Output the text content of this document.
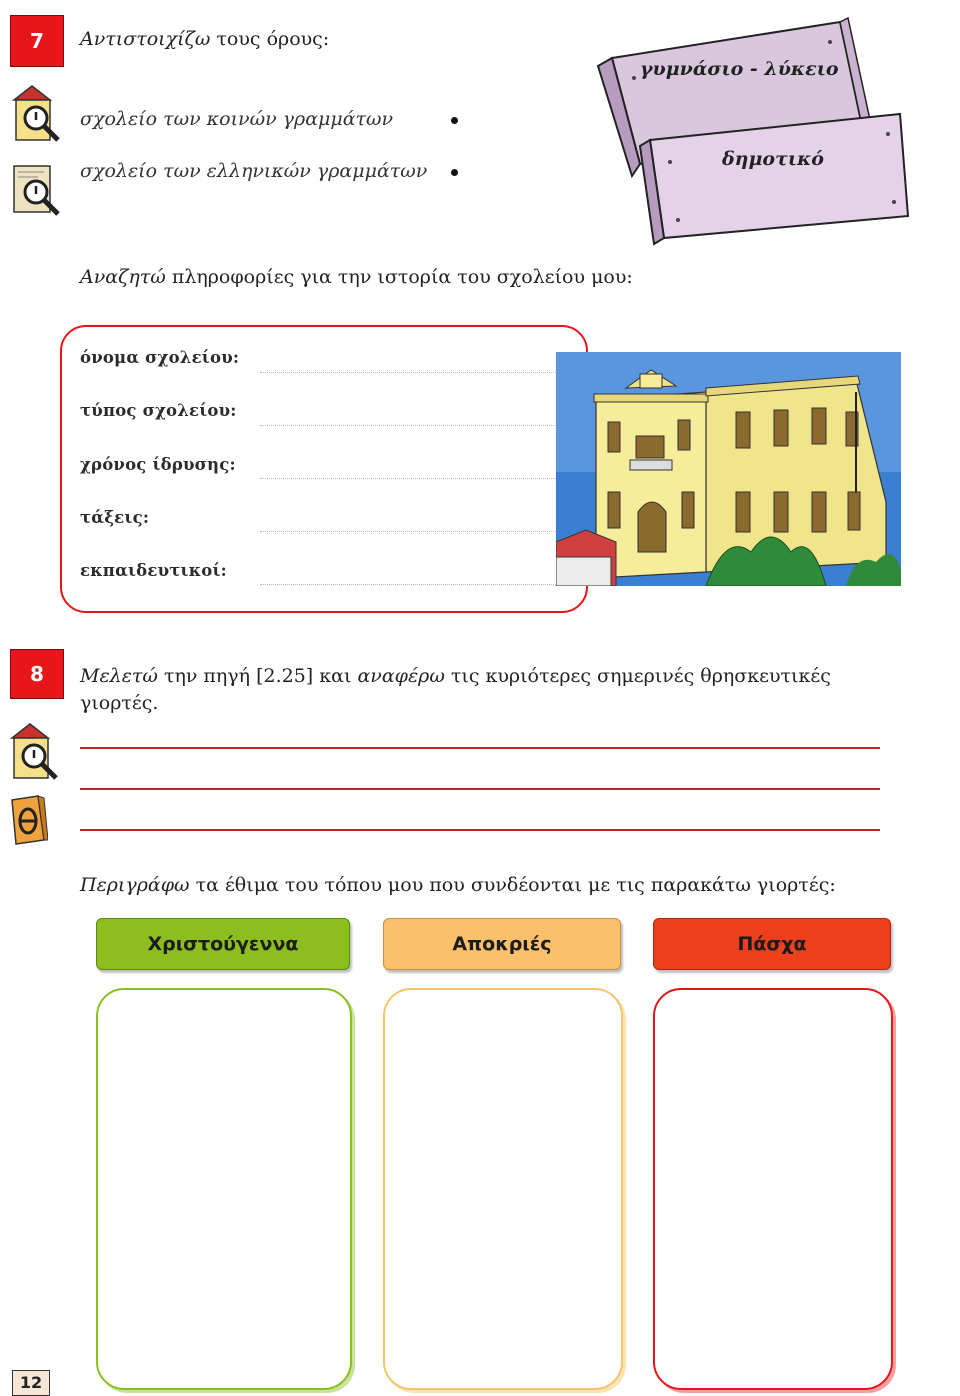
7	Αντιστοιχίζω τους όρους:
σχολείο των κοινών γραμμάτων
σχολείο των ελληνικών γραμμάτων
γυμνάσιο - λύκειο
δημοτικό
Αναζητώ πληροφορίες για την ιστορία του σχολείου μου:
όνομα σχολείου:
τύπος σχολείου:
χρόνος ίδρυσης:
τάξεις:
εκπαιδευτικοί:
8	Μελετώ την πηγή [2.25] και αναφέρω τις κυριότερες σημερινές θρησκευτικές
γιορτές.
Περιγράφω τα έθιμα του τόπου μου που συνδέονται με τις παρακάτω γιορτές:
Χριστούγεννα	Αποκριές	Πάσχα
12
